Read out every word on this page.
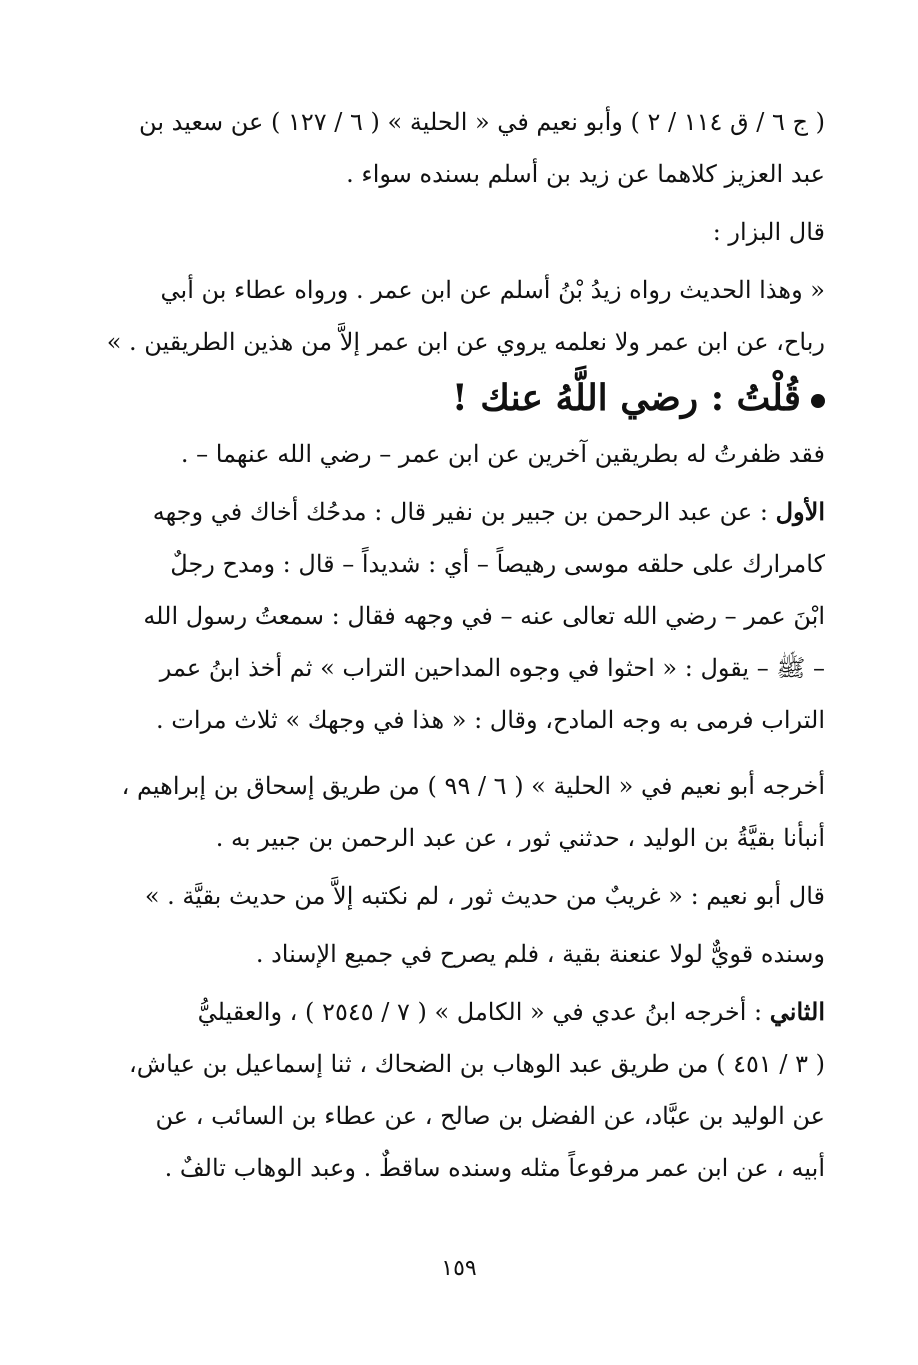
( ج ٦ / ق ١١٤ / ٢ ) وأبو نعيم في « الحلية » ( ٦ / ١٢٧ ) عن سعيد بن
عبد العزيز كلاهما عن زيد بن أسلم بسنده سواء .
قال البزار :
« وهذا الحديث رواه زيدُ بْنُ أسلم عن ابن عمر . ورواه عطاء بن أبي
رباح، عن ابن عمر ولا نعلمه يروي عن ابن عمر إلاَّ من هذين الطريقين . »
قُلْتُ : رضي اللَّهُ عنك !
فقد ظفرتُ له بطريقين آخرين عن ابن عمر – رضي الله عنهما – .
الأول : عن عبد الرحمن بن جبير بن نفير قال : مدحُك أخاك في وجهه
كامرارك على حلقه موسى رهيصاً – أي : شديداً – قال : ومدح رجلٌ
ابْنَ عمر – رضي الله تعالى عنه – في وجهه فقال : سمعتُ رسول الله
– ﷺ – يقول : « احثوا في وجوه المداحين التراب » ثم أخذ ابنُ عمر
التراب فرمى به وجه المادح، وقال : « هذا في وجهك » ثلاث مرات .
أخرجه أبو نعيم في « الحلية » ( ٦ / ٩٩ ) من طريق إسحاق بن إبراهيم ،
أنبأنا بقيَّةُ بن الوليد ، حدثني ثور ، عن عبد الرحمن بن جبير به .
قال أبو نعيم : « غريبٌ من حديث ثور ، لم نكتبه إلاَّ من حديث بقيَّة . »
وسنده قويٌّ لولا عنعنة بقية ، فلم يصرح في جميع الإسناد .
الثاني : أخرجه ابنُ عدي في « الكامل » ( ٧ / ٢٥٤٥ ) ، والعقيليُّ
( ٣ / ٤٥١ ) من طريق عبد الوهاب بن الضحاك ، ثنا إسماعيل بن عياش،
عن الوليد بن عبَّاد، عن الفضل بن صالح ، عن عطاء بن السائب ، عن
أبيه ، عن ابن عمر مرفوعاً مثله وسنده ساقطٌ . وعبد الوهاب تالفٌ .
١٥٩
